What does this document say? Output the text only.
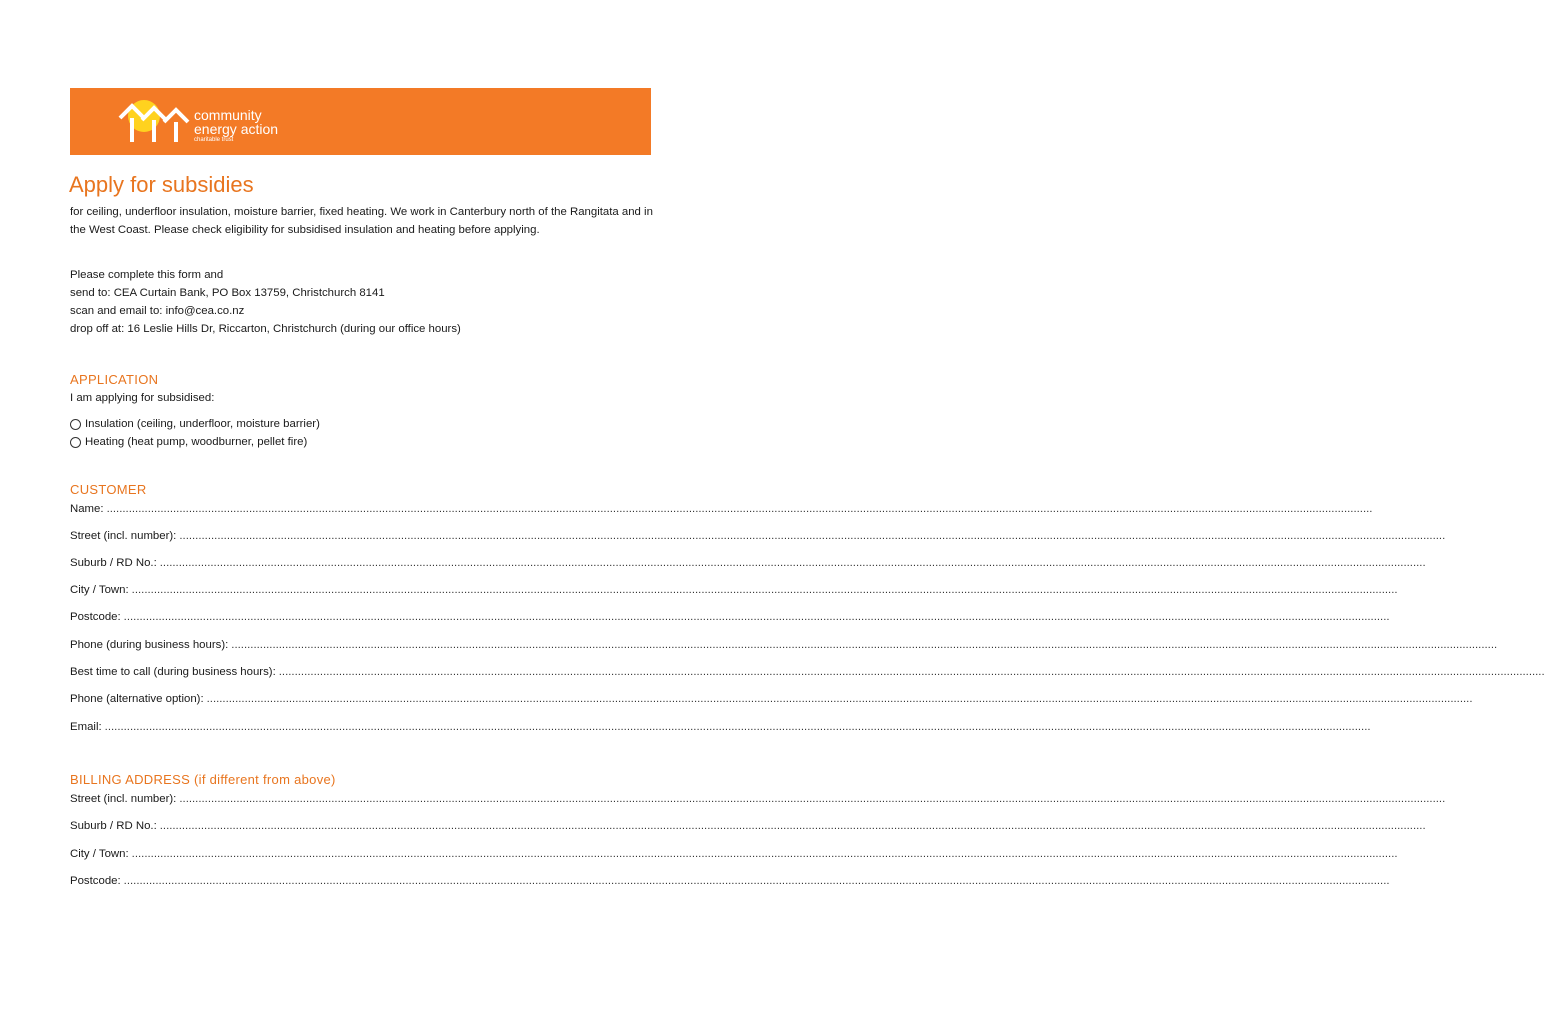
community
energy action
charitable trust
Apply for subsidies
for ceiling, underfloor insulation, moisture barrier, fixed heating. We work in Canterbury north of the Rangitata and in the West Coast. Please check eligibility for subsidised insulation and heating before applying.
Please complete this form and
send to: CEA Curtain Bank, PO Box 13759, Christchurch 8141
scan and email to: info@cea.co.nz
drop off at: 16 Leslie Hills Dr, Riccarton, Christchurch (during our office hours)
APPLICATION
I am applying for subsidised:
Insulation (ceiling, underfloor, moisture barrier)
Heating (heat pump, woodburner, pellet fire)
CUSTOMER
Name: ................................................................................................................................................................................................................................................................................................................................................................................................................
Street (incl. number): ................................................................................................................................................................................................................................................................................................................................................................................................................
Suburb / RD No.: ................................................................................................................................................................................................................................................................................................................................................................................................................
City / Town: ................................................................................................................................................................................................................................................................................................................................................................................................................
Postcode: ................................................................................................................................................................................................................................................................................................................................................................................................................
Phone (during business hours): ................................................................................................................................................................................................................................................................................................................................................................................................................
Best time to call (during business hours): ................................................................................................................................................................................................................................................................................................................................................................................................................
Phone (alternative option): ................................................................................................................................................................................................................................................................................................................................................................................................................
Email: ................................................................................................................................................................................................................................................................................................................................................................................................................
BILLING ADDRESS (if different from above)
Street (incl. number): ................................................................................................................................................................................................................................................................................................................................................................................................................
Suburb / RD No.: ................................................................................................................................................................................................................................................................................................................................................................................................................
City / Town: ................................................................................................................................................................................................................................................................................................................................................................................................................
Postcode: ................................................................................................................................................................................................................................................................................................................................................................................................................
